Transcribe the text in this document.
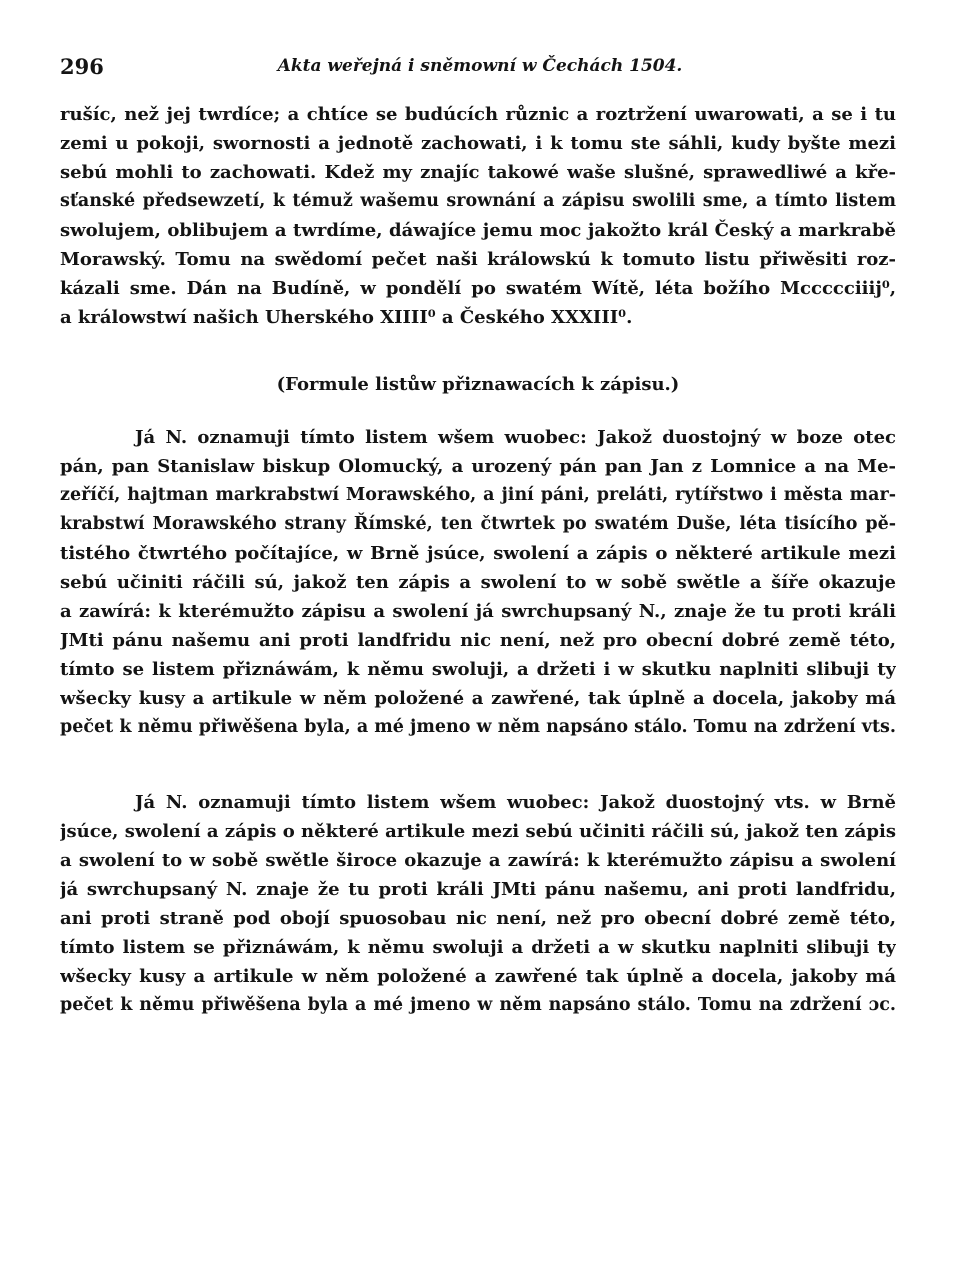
296	Akta weřejná i sněmowní w Čechách 1504.
rušíc, než jej twrdíce; a chtíce se budúcích různic a roztržení uwarowati, a se i tu
zemi u pokoji, swornosti a jednotě zachowati, i k tomu ste sáhli, kudy byšte mezi
sebú mohli to zachowati. Kdež my znajíc takowé waše slušné, sprawedliwé a kře-
sťanské předsewzetí, k témuž wašemu srownání a zápisu swolili sme, a tímto listem
swolujem, oblibujem a twrdíme, dáwajíce jemu moc jakožto král Český a markrabě
Morawský. Tomu na swědomí pečet naši králowskú k tomuto listu přiwěsiti roz-
kázali sme. Dán na Budíně, w pondělí po swatém Wítě, léta božího Mccccciiij⁰,
a králowstwí našich Uherského XIIII⁰ a Českého XXXIII⁰.
(Formule listůw přiznawacích k zápisu.)
Já N. oznamuji tímto listem wšem wuobec: Jakož duostojný w boze otec
pán, pan Stanislaw biskup Olomucký, a urozený pán pan Jan z Lomnice a na Me-
zeříčí, hajtman markrabstwí Morawského, a jiní páni, preláti, rytířstwo i města mar-
krabstwí Morawského strany Římské, ten čtwrtek po swatém Duše, léta tisícího pě-
tistého čtwrtého počítajíce, w Brně jsúce, swolení a zápis o některé artikule mezi
sebú učiniti ráčili sú, jakož ten zápis a swolení to w sobě swětle a šíře okazuje
a zawírá: k kterémužto zápisu a swolení já swrchupsaný N., znaje že tu proti králi
JMti pánu našemu ani proti landfridu nic není, než pro obecní dobré země této,
tímto se listem přiznáwám, k němu swoluji, a držeti i w skutku naplniti slibuji ty
wšecky kusy a artikule w něm položené a zawřené, tak úplně a docela, jakoby má
pečet k němu přiwěšena byla, a mé jmeno w něm napsáno stálo. Tomu na zdržení vts.
Já N. oznamuji tímto listem wšem wuobec: Jakož duostojný vts. w Brně
jsúce, swolení a zápis o některé artikule mezi sebú učiniti ráčili sú, jakož ten zápis
a swolení to w sobě swětle široce okazuje a zawírá: k kterémužto zápisu a swolení
já swrchupsaný N. znaje že tu proti králi JMti pánu našemu, ani proti landfridu,
ani proti straně pod obojí spuosobau nic není, než pro obecní dobré země této,
tímto listem se přiznáwám, k němu swoluji a držeti a w skutku naplniti slibuji ty
wšecky kusy a artikule w něm položené a zawřené tak úplně a docela, jakoby má
pečet k němu přiwěšena byla a mé jmeno w něm napsáno stálo. Tomu na zdržení ɔc.
